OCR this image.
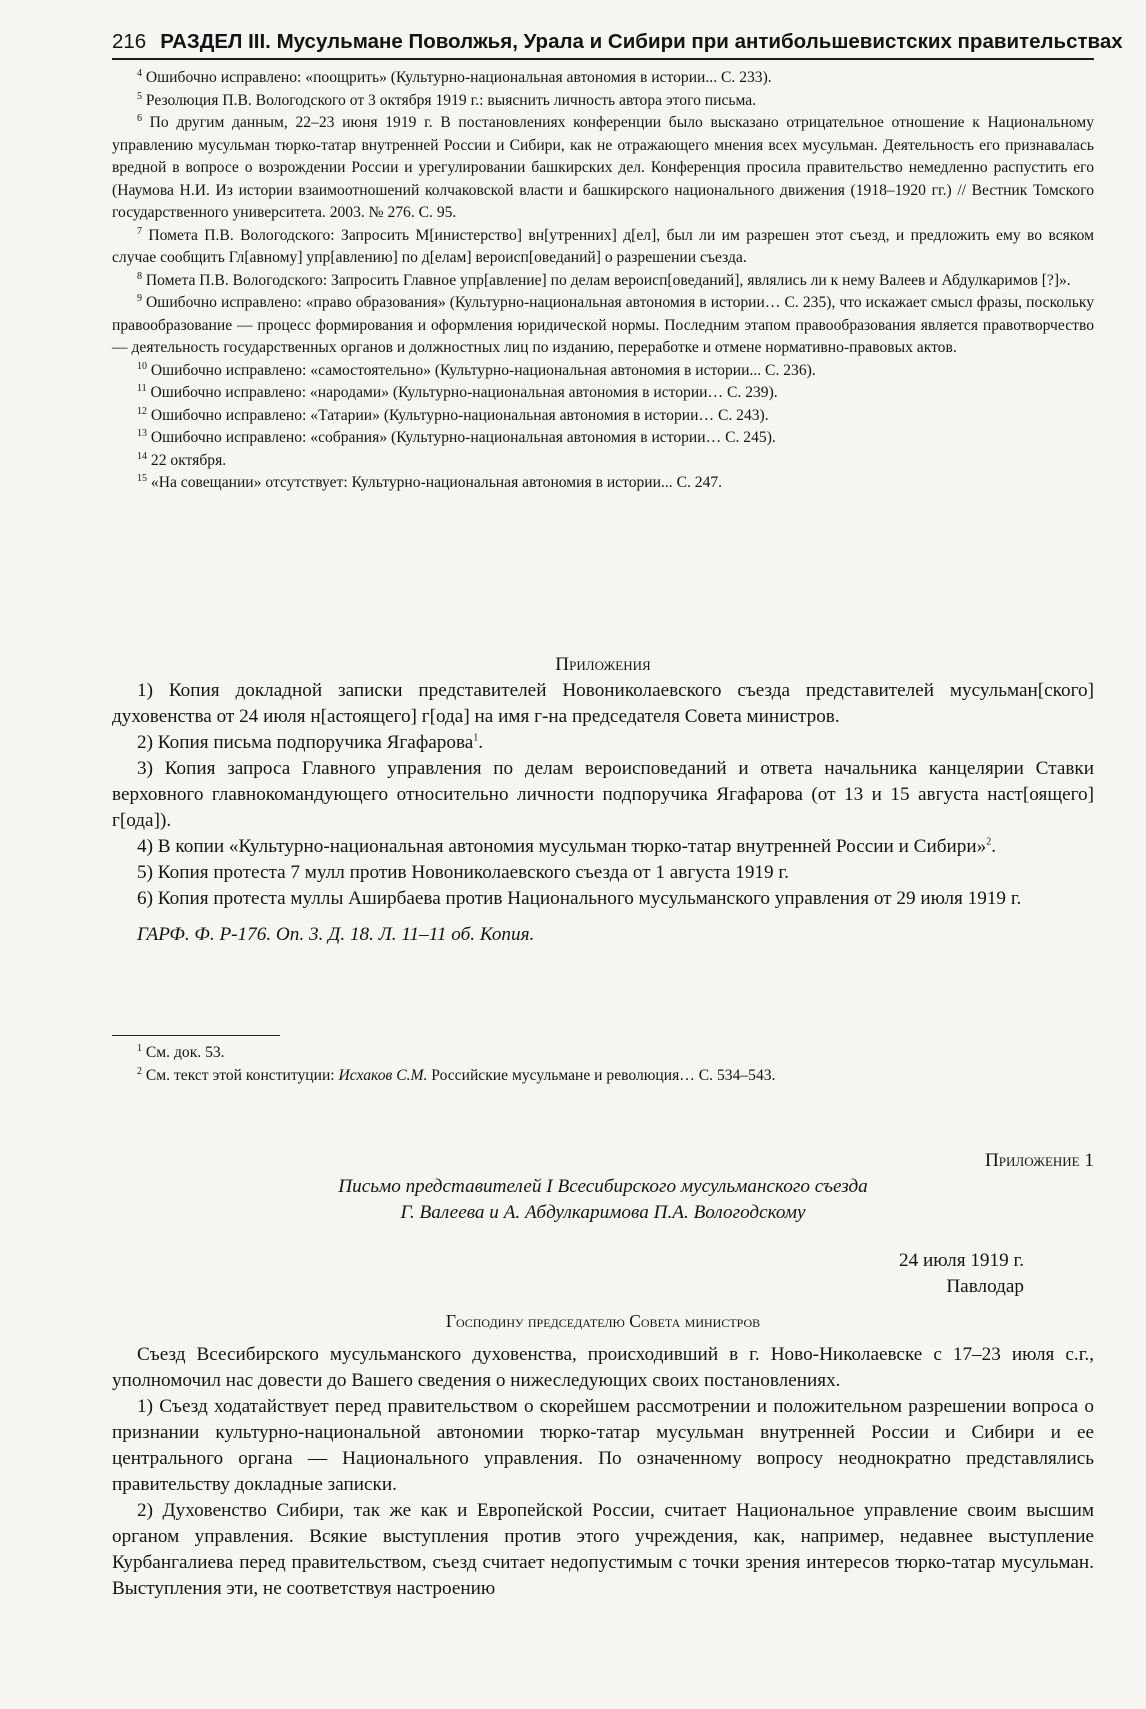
216 РАЗДЕЛ III. Мусульмане Поволжья, Урала и Сибири при антибольшевистских правительствах

$^4$ Ошибочно исправлено: «поощрить» (Культурно-национальная автономия в истории... С. 233).

$^5$ Резолюция П.В. Вологодского от 3 октября 1919 г.: выяснить личность автора этого письма.

$^6$ По другим данным, 22–23 июня 1919 г. В постановлениях конференции было высказано отрицательное отношение к Национальному управлению мусульман тюрко-татар внутренней России и Сибири, как не отражающего мнения всех мусульман. Деятельность его признавалась вредной в вопросе о возрождении России и урегулировании башкирских дел. Конференция просила правительство немедленно распустить его (Наумова Н.И. Из истории взаимоотношений колчаковской власти и башкирского национального движения (1918–1920 гг.) // Вестник Томского государственного университета. 2003. № 276. С. 95.

$^7$ Помета П.В. Вологодского: Запросить М[инистерство] вн[утренних] д[ел], был ли им разрешен этот съезд, и предложить ему во всяком случае сообщить Гл[авному] упр[авлению] по д[елам] вероисп[оведаний] о разрешении съезда.

$^8$ Помета П.В. Вологодского: Запросить Главное упр[авление] по делам вероисп[оведаний], являлись ли к нему Валеев и Абдулкаримов [?]».

$^9$ Ошибочно исправлено: «право образования» (Культурно-национальная автономия в истории… С. 235), что искажает смысл фразы, поскольку правообразование — процесс формирования и оформления юридической нормы. Последним этапом правообразования является правотворчество — деятельность государственных органов и должностных лиц по изданию, переработке и отмене нормативно-правовых актов.

$^{10}$ Ошибочно исправлено: «самостоятельно» (Культурно-национальная автономия в истории... С. 236).

$^{11}$ Ошибочно исправлено: «народами» (Культурно-национальная автономия в истории… С. 239).

$^{12}$ Ошибочно исправлено: «Татарии» (Культурно-национальная автономия в истории… С. 243).

$^{13}$ Ошибочно исправлено: «собрания» (Культурно-национальная автономия в истории… С. 245).

$^{14}$ 22 октября.

$^{15}$ «На совещании» отсутствует: Культурно-национальная автономия в истории... С. 247.

Приложения

1) Копия докладной записки представителей Новониколаевского съезда представителей мусульман[ского] духовенства от 24 июля н[астоящего] г[ода] на имя г-на председателя Совета министров.

2) Копия письма подпоручика Ягафарова$^1$.

3) Копия запроса Главного управления по делам вероисповеданий и ответа начальника канцелярии Ставки верховного главнокомандующего относительно личности подпоручика Ягафарова (от 13 и 15 августа наст[оящего] г[ода]).

4) В копии «Культурно-национальная автономия мусульман тюрко-татар внутренней России и Сибири»$^2$.

5) Копия протеста 7 мулл против Новониколаевского съезда от 1 августа 1919 г.

6) Копия протеста муллы Аширбаева против Национального мусульманского управления от 29 июля 1919 г.

ГАРФ. Ф. Р-176. Оп. 3. Д. 18. Л. 11–11 об. Копия.

$^1$ См. док. 53.

$^2$ См. текст этой конституции: Исхаков С.М. Российские мусульмане и революция… С. 534–543.

Приложение 1

Письмо представителей I Всесибирского мусульманского съезда

Г. Валеева и А. Абдулкаримова П.А. Вологодскому

24 июля 1919 г.

Павлодар

Господину председателю Совета министров

Съезд Всесибирского мусульманского духовенства, происходивший в г. Ново-Николаевске с 17–23 июля с.г., уполномочил нас довести до Вашего сведения о нижеследующих своих постановлениях.

1) Съезд ходатайствует перед правительством о скорейшем рассмотрении и положительном разрешении вопроса о признании культурно-национальной автономии тюрко-татар мусульман внутренней России и Сибири и ее центрального органа — Национального управления. По означенному вопросу неоднократно представлялись правительству докладные записки.

2) Духовенство Сибири, так же как и Европейской России, считает Национальное управление своим высшим органом управления. Всякие выступления против этого учреждения, как, например, недавнее выступление Курбангалиева перед правительством, съезд считает недопустимым с точки зрения интересов тюрко-татар мусульман. Выступления эти, не соответствуя настроению
